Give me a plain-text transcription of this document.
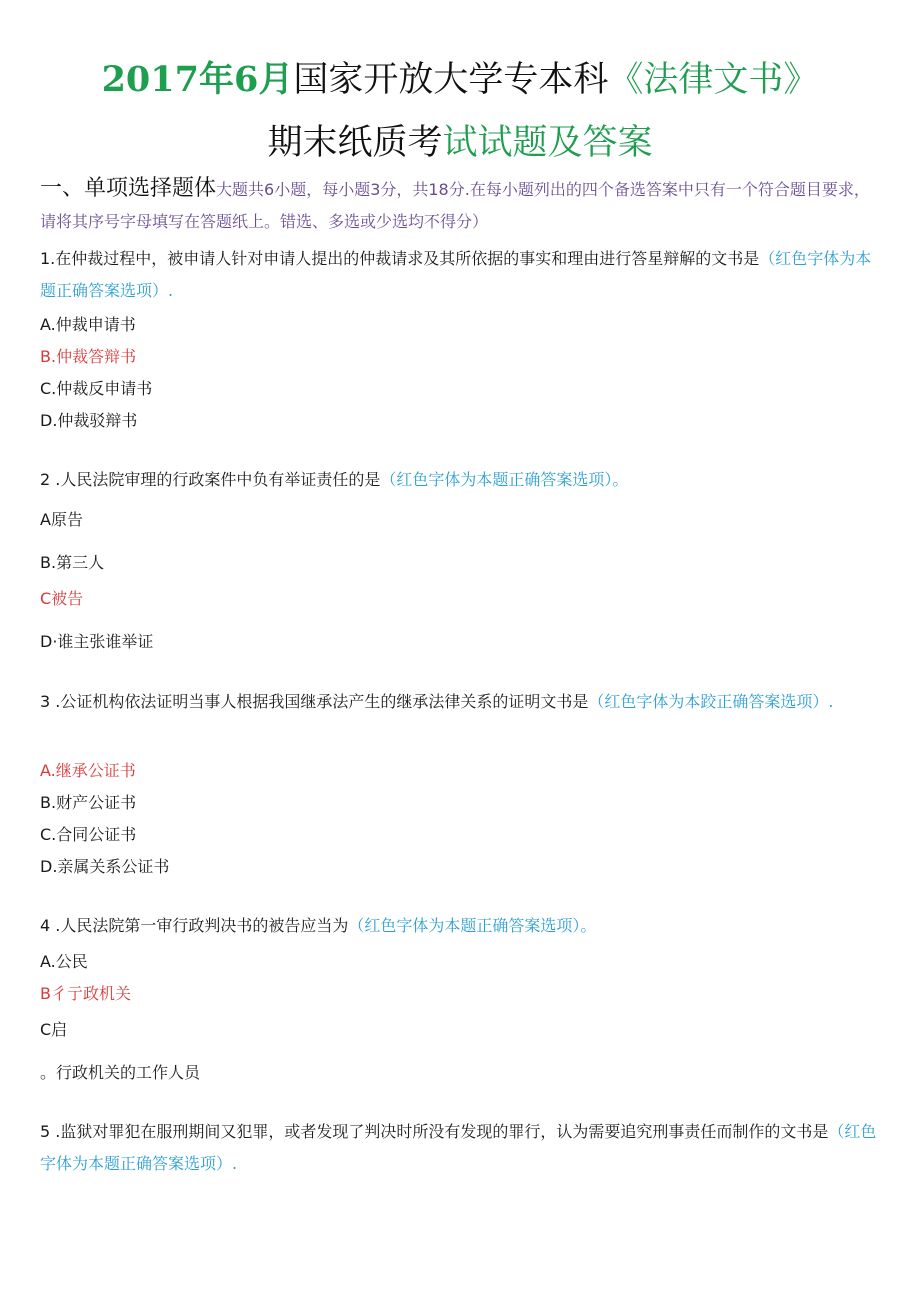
2017年6月国家开放大学专本科《法律文书》
期末纸质考试试题及答案
一、单项选择题体大题共6小题，每小题3分，共18分.在每小题列出的四个备选答案中只有一个符合题目要求，请将其序号字母填写在答题纸上。错选、多选或少选均不得分）
1.在仲裁过程中，被申请人针对申请人提出的仲裁请求及其所依据的事实和理由进行答星辩解的文书是（红色字体为本题正确答案选项）.
A.仲裁申请书
B.仲裁答辩书
C.仲裁反申请书
D.仲裁驳辩书
2 .人民法院审理的行政案件中负有举证责任的是（红色字体为本题正确答案选项）。
A原告
B.第三人
C被告
D·谁主张谁举证
3 .公证机构依法证明当事人根据我国继承法产生的继承法律关系的证明文书是（红色字体为本跤正确答案选项）.
A.继承公证书
B.财产公证书
C.合同公证书
D.亲属关系公证书
4 .人民法院第一审行政判决书的被告应当为（红色字体为本题正确答案选项）。
A.公民
B彳亍政机关
C启
。行政机关的工作人员
5 .监狱对罪犯在服刑期间又犯罪，或者发现了判决时所没有发现的罪行，认为需要追究刑事责任而制作的文书是（红色字体为本题正确答案选项）.
